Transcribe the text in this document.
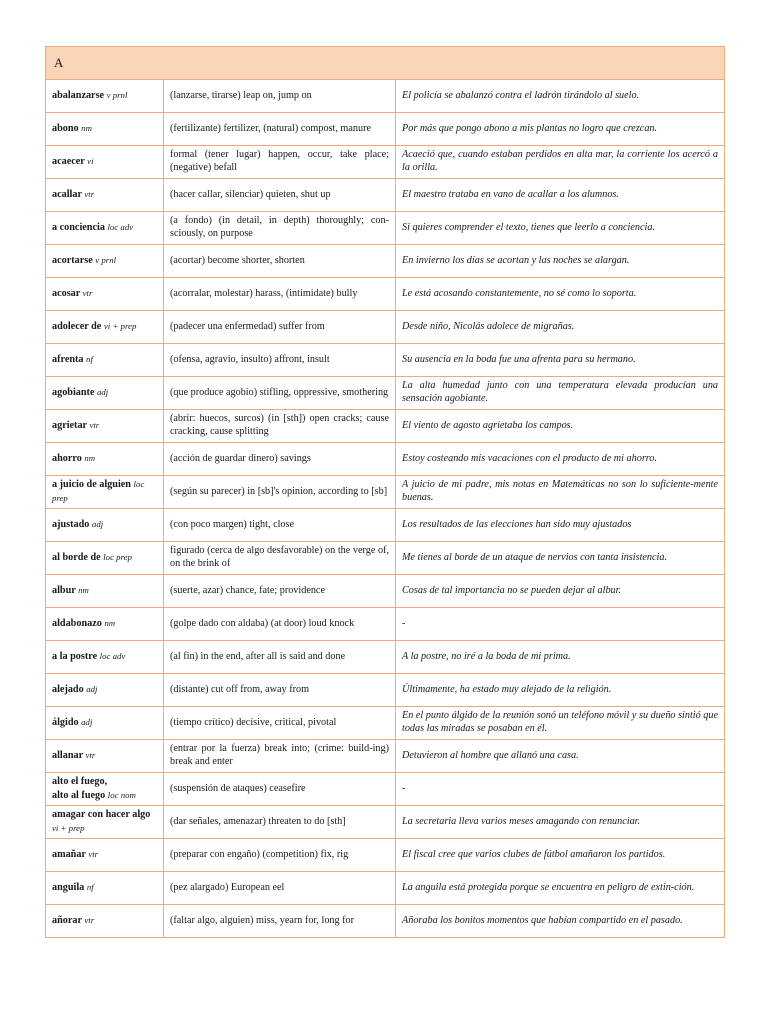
A		
abalanzarse v prnl	(lanzarse, tirarse) leap on, jump on	El policía se abalanzó contra el ladrón tirándolo al suelo.
abono nm	(fertilizante) fertilizer, (natural) compost, manure	Por más que pongo abono a mis plantas no logro que crezcan.
acaecer vi	formal (tener lugar) happen, occur, take place; (negative) befall	Acaeció que, cuando estaban perdidos en alta mar, la corriente los acercó a la orilla.
acallar vtr	(hacer callar, silenciar) quieten, shut up	El maestro trataba en vano de acallar a los alumnos.
a conciencia loc adv	(a fondo) (in detail, in depth) thoroughly; con-sciously, on purpose	Si quieres comprender el texto, tienes que leerlo a conciencia.
acortarse v prnl	(acortar) become shorter, shorten	En invierno los días se acortan y las noches se alargan.
acosar vtr	(acorralar, molestar) harass, (intimidate) bully	Le está acosando constantemente, no sé como lo soporta.
adolecer de vi + prep	(padecer una enfermedad) suffer from	Desde niño, Nicolás adolece de migrañas.
afrenta nf	(ofensa, agravio, insulto) affront, insult	Su ausencia en la boda fue una afrenta para su hermano.
agobiante adj	(que produce agobio) stifling, oppressive, smothering	La alta humedad junto con una temperatura elevada producían una sensación agobiante.
agrietar vtr	(abrir: huecos, surcos) (in [sth]) open cracks; cause cracking, cause splitting	El viento de agosto agrietaba los campos.
ahorro nm	(acción de guardar dinero) savings	Estoy costeando mis vacaciones con el producto de mi ahorro.
a juicio de alguien loc prep	(según su parecer) in [sb]'s opinion, according to [sb]	A juicio de mi padre, mis notas en Matemáticas no son lo suficiente-mente buenas.
ajustado adj	(con poco margen) tight, close	Los resultados de las elecciones han sido muy ajustados
al borde de loc prep	figurado (cerca de algo desfavorable) on the verge of, on the brink of	Me tienes al borde de un ataque de nervios con tanta insistencia.
albur nm	(suerte, azar) chance, fate; providence	Cosas de tal importancia no se pueden dejar al albur.
aldabonazo nm	(golpe dado con aldaba) (at door) loud knock	-
a la postre loc adv	(al fin) in the end, after all is said and done	A la postre, no iré a la boda de mi prima.
alejado adj	(distante) cut off from, away from	Últimamente, ha estado muy alejado de la religión.
álgido adj	(tiempo crítico) decisive, critical, pivotal	En el punto álgido de la reunión sonó un teléfono móvil y su dueño sintió que todas las miradas se posaban en él.
allanar vtr	(entrar por la fuerza) break into; (crime: build-ing) break and enter	Detuvieron al hombre que allanó una casa.
alto el fuego,
alto al fuego loc nom	(suspensión de ataques) ceasefire	-
amagar con hacer algo vi + prep	(dar señales, amenazar) threaten to do [sth]	La secretaria lleva varios meses amagando con renunciar.
amañar vtr	(preparar con engaño) (competition) fix, rig	El fiscal cree que varios clubes de fútbol amañaron los partidos.
anguila nf	(pez alargado) European eel	La anguila está protegida porque se encuentra en peligro de extin-ción.
añorar vtr	(faltar algo, alguien) miss, yearn for, long for	Añoraba los bonitos momentos que habían compartido en el pasado.
